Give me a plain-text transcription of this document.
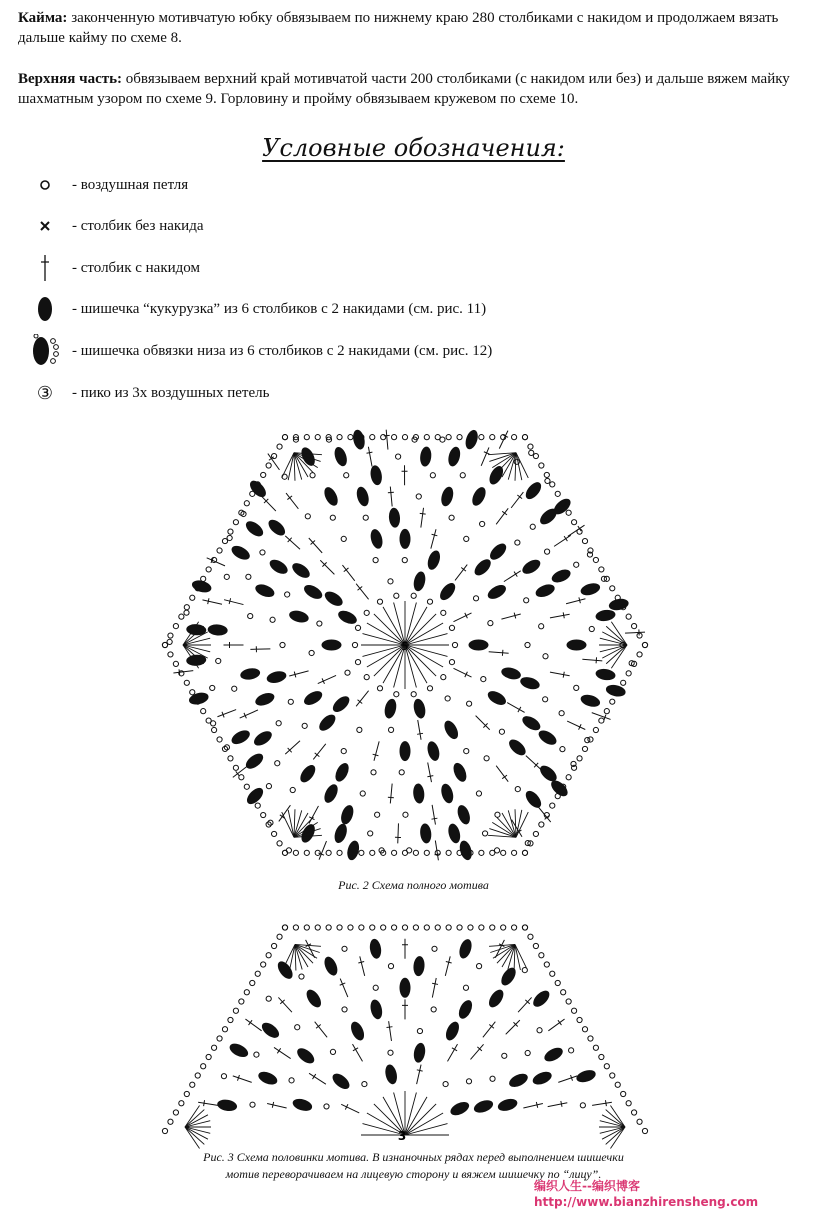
Кайма: законченную мотивчатую юбку обвязываем по нижнему краю 280 столбиками с накидом и продолжаем вязать дальше кайму по схеме 8.

Верхняя часть: обвязываем верхний край мотивчатой части 200 столбиками (с накидом или без) и дальше вяжем майку шахматным узором по схеме 9. Горловину и пройму обвязываем кружевом по схеме 10.

Условные обозначения:
- воздушная петля
- столбик без накида
- столбик с накидом
- шишечка “кукурузка” из 6 столбиков с 2 накидами (см. рис. 11)
- шишечка обвязки низа из 6 столбиков с 2 накидами (см. рис. 12)
③	- пико из 3х воздушных петель
5
3
Рис. 2 Схема полного мотива
Рис. 3 Схема половинки мотива. В изнаночных рядах перед выполнением шишечки
мотив переворачиваем на лицевую сторону и вяжем шишечку по “лицу”.
编织人生--编织博客
http://www.bianzhirensheng.com
